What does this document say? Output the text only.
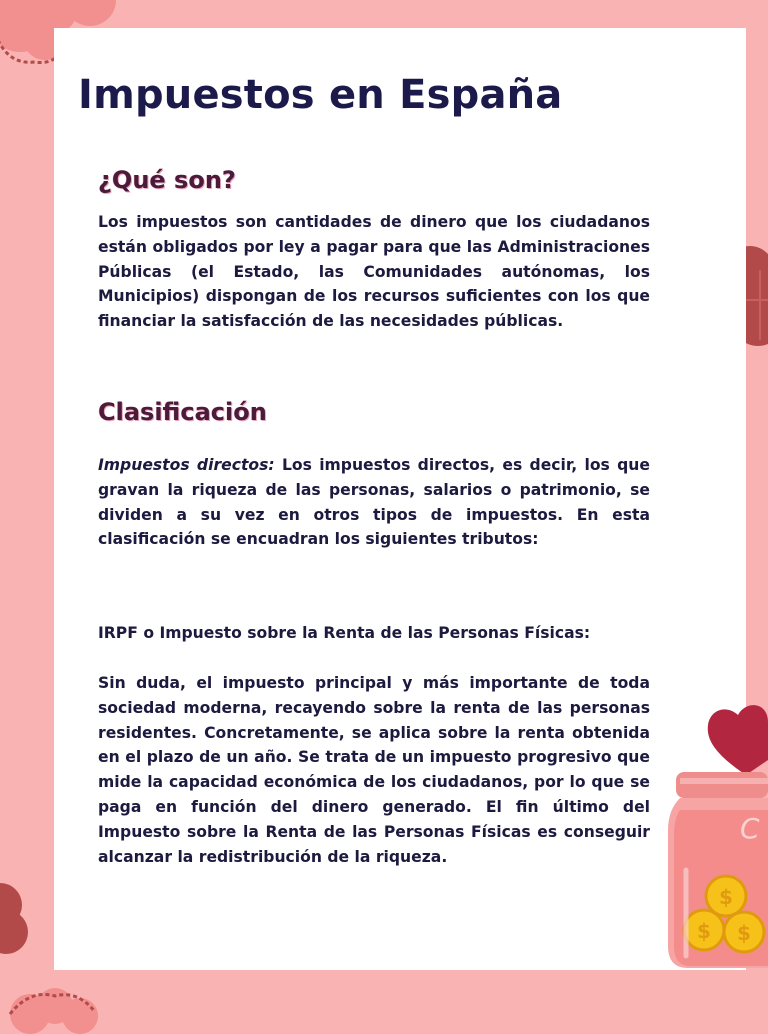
Impuestos en España
¿Qué son?

Los impuestos son cantidades de dinero que los ciudadanos están obligados por ley a pagar para que las Administraciones Públicas (el Estado, las Comunidades autónomas, los Municipios) dispongan de los recursos suficientes con los que financiar la satisfacción de las necesidades públicas.

Clasificación

Impuestos directos: Los impuestos directos, es decir, los que gravan la riqueza de las personas, salarios o patrimonio, se dividen a su vez en otros tipos de impuestos. En esta clasificación se encuadran los siguientes tributos:

IRPF o Impuesto sobre la Renta de las Personas Físicas:

Sin duda, el impuesto principal y más importante de toda sociedad moderna, recayendo sobre la renta de las personas residentes. Concretamente, se aplica sobre la renta obtenida en el plazo de un año. Se trata de un impuesto progresivo que mide la capacidad económica de los ciudadanos, por lo que se paga en función del dinero generado. El fin último del Impuesto sobre la Renta de las Personas Físicas es conseguir alcanzar la redistribución de la riqueza.

C
$
$ $
